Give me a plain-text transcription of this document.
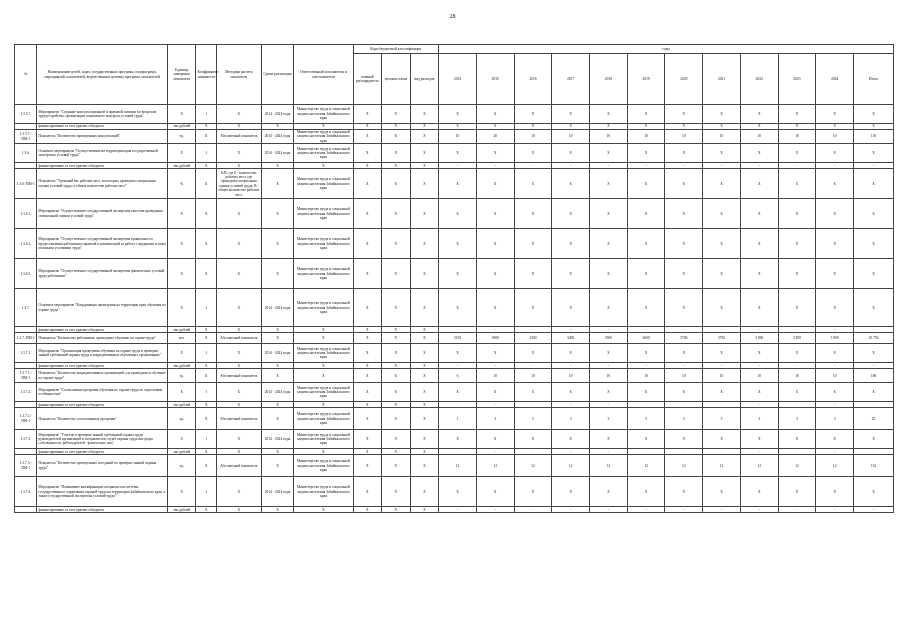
28
№	Наименование целей, задач, государственных программ, подпрограмм, мероприятий, показателей, ведомственных целевых программ, показателей	Единица измерения показателя	Коэффициент значимости	Методика расчета показателя	Сроки реализации	Ответственный исполнитель и соисполнители	Коды бюджетной классификации			годы											
							главный распорядитель	целевая статья	вид расходов	2014	2015	2016	2017	2018	2019	2020	2021	2022	2023	2024	Итого
1.3.5.7.	Мероприятие "Создание консультационной и правовой помощи по вопросам трудоустройства, организации социального контроля условий труда"	X	1	X	2014 - 2024 годы	Министерство труда и социальной защиты населения Забайкальского края	X	X	X	X	X	X	X	X	X	X	X	X	X	X	X
	финансирование за счет краевого бюджета	тыс.рублей	X	X	X	X	X	X	X	X	X	X	X	X	X	X	X	X	X	X	X
1.3.5.7.-ПМ-1	Показатель "Количество проведенных консультаций"	ед.	X	Абсолютный показатель	2014 - 2024 годы	Министерство труда и социальной защиты населения Забайкальского края	X	X	X	10	20	10	10	10	10	10	10	10	10	10	110
1.3.6.	Основное мероприятие "Осуществление на территории края государственной экспертизы условий труда"	X	1	X	2014 - 2024 годы	Министерство труда и социальной защиты населения Забайкальского края	X	X	X	X	X	X	X	X	X	X	X	X	X	X	X
	финансирование за счет краевого бюджета	тыс.рублей	X	X	X	X	X	X	X	-	-	-	-	-	-	-	-	-	-	-	-
1.3.6.-ПМ-1	Показатель "Удельный вес рабочих мест, на которых проведена специальная оценка условий труда, в общем количестве рабочих мест"	%	X	Б/В, где Б - количество рабочих мест, где проведена специальная оценка условий труда; В - общее количество рабочих мест	X	Министерство труда и социальной защиты населения Забайкальского края	X	X	X	X	X	X	X	X	X	X	X	X	X	X	X
1.3.6.1.	Мероприятие "Осуществление государственной экспертизы качества проведения специальной оценки условий труда"	X	X	X	X	Министерство труда и социальной защиты населения Забайкальского края	X	X	X	X	X	X	X	X	X	X	X	X	X	X	X
1.3.6.2.	Мероприятие "Осуществление государственной экспертизы правильности предоставления работникам гарантий и компенсаций за работу с вредными и (или) опасными условиями труда"	X	X	X	X	Министерство труда и социальной защиты населения Забайкальского края	X	X	X	X	X	X	X	X	X	X	X	X	X	X	X
1.3.6.3.	Мероприятие "Осуществление государственной экспертизы фактических условий труда работников"	X	X	X	X	Министерство труда и социальной защиты населения Забайкальского края	X	X	X	X	X	X	X	X	X	X	X	X	X	X	X
1.3.7.	Основное мероприятие "Координация проведения на территории края обучения по охране труда"	X	1	X	2014 - 2024 годы	Министерство труда и социальной защиты населения Забайкальского края	X	X	X	X	X	X	X	X	X	X	X	X	X	X	X
	финансирование за счет краевого бюджета	тыс.рублей	X	X	X	X	X	X	X	-	-	-	-	-	-	-	-	-	-	-	-
1.3.7.-ПМ-1	Показатель "Количество работников, прошедших обучение по охране труда"	чел.	X	Абсолютный показатель	X	X	X	X	X	3150	3900	3300	3400	3500	3600	3700	3750	3 800	3 850	3 900	35 750
1.3.7.1.	Мероприятие "Организация проведения обучения по охране труда и проверки знаний требований охраны труда в аккредитованных обучающих организациях"	X	1	X	2014 - 2024 годы	Министерство труда и социальной защиты населения Забайкальского края	X	X	X	X	X	X	X	X	X	X	X	X	X	X	X
	финансирование за счет краевого бюджета	тыс.рублей	X	X	X	X	X	X	X	-	-	-	-	-	-	-	-	-	-	-	-
1.3.7.1.-ПМ-1	Показатель "Количество аккредитованных организаций, где проводилось обучение по охране труда"	ед.	X	Абсолютный показатель	X	X	X	X	X	6	10	10	10	10	10	10	10	10	10	10	106
1.3.7.2.	Мероприятие "Согласование программ обучения по охране труда по отраслевым особенностям"	X	1	X	2014 - 2024 годы	Министерство труда и социальной защиты населения Забайкальского края	X	X	X	X	X	X	X	X	X	X	X	X	X	X	X
	финансирование за счет краевого бюджета	тыс.рублей	X	X	X	X	X	X	X	-	-	-	-	-	-	-	-	-	-	-	-
1.3.7.2.-ПМ-1	Показатель "Количество согласованных программ"	ед.	X	Абсолютный показатель	X	Министерство труда и социальной защиты населения Забайкальского края	X	X	X	1	3	3	3	3	3	3	3	3	3	3	25
1.3.7.3.	Мероприятие "Участие в проверке знаний требований охраны труда руководителей организаций и специалистов служб охраны труда вне форм собственности, работодателей - физических лиц"	X	1	X	2014 - 2024 годы	Министерство труда и социальной защиты населения Забайкальского края	X	X	X	X	X	X	X	X	X	X	X	X	X	X	X
	финансирование за счет краевого бюджета	тыс.рублей	X	X	X	X	X	X	X	-	-	-	-	-	-	-	-	-	-	-	-
1.3.7.3.-ПМ-1	Показатель "Количество проведенных заседаний по проверке знаний охраны труда"	ед.	X	Абсолютный показатель	X	Министерство труда и социальной защиты населения Забайкальского края	X	X	X	12	12	12	12	12	12	12	12	12	12	12	132
1.3.7.4.	Мероприятие "Повышение квалификации специалистов системы государственного управления охраной труда на территории Забайкальского края, а также государственной экспертизы условий труда"	X	1	X	2014 - 2024 годы	Министерство труда и социальной защиты населения Забайкальского края	X	X	X	X	X	X	X	X	X	X	X	X	X	X	X
	финансирование за счет краевого бюджета	тыс.рублей	X	X	X	X	X	X	X	-	-	-	-	-	-	-	-	-	-	-	-
